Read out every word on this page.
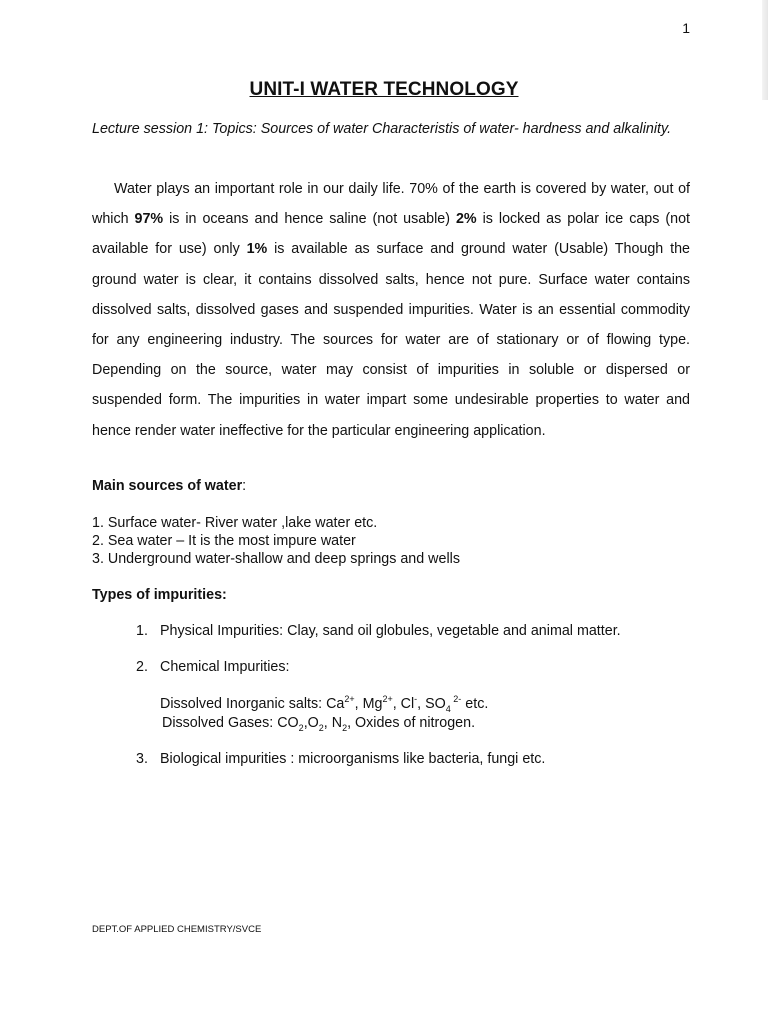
1
UNIT-I WATER TECHNOLOGY
Lecture session 1: Topics: Sources of water Characteristis of water- hardness and alkalinity.

Water plays an important role in our daily life. 70% of the earth is covered by water, out of which 97% is in oceans and hence saline (not usable) 2% is locked as polar ice caps (not available for use) only 1% is available as surface and ground water (Usable) Though the ground water is clear, it contains dissolved salts, hence not pure. Surface water contains dissolved salts, dissolved gases and suspended impurities. Water is an essential commodity for any engineering industry. The sources for water are of stationary or of flowing type. Depending on the source, water may consist of impurities in soluble or dispersed or suspended form. The impurities in water impart some undesirable properties to water and hence render water ineffective for the particular engineering application.

Main sources of water:
1. Surface water- River water ,lake water etc.
2. Sea water – It is the most impure water
3. Underground water-shallow and deep springs and wells
Types of impurities:
1. Physical Impurities: Clay, sand oil globules, vegetable and animal matter.
2. Chemical Impurities:
Dissolved Inorganic salts: $Ca^{2+}$, $Mg^{2+}$, Cl-, $SO_4$ $^{2-}$ etc.
Dissolved Gases: $CO_2,O_2$, $N_2$, Oxides of nitrogen.
3. Biological impurities : microorganisms like bacteria, fungi etc.
DEPT.OF APPLIED CHEMISTRY/SVCE
